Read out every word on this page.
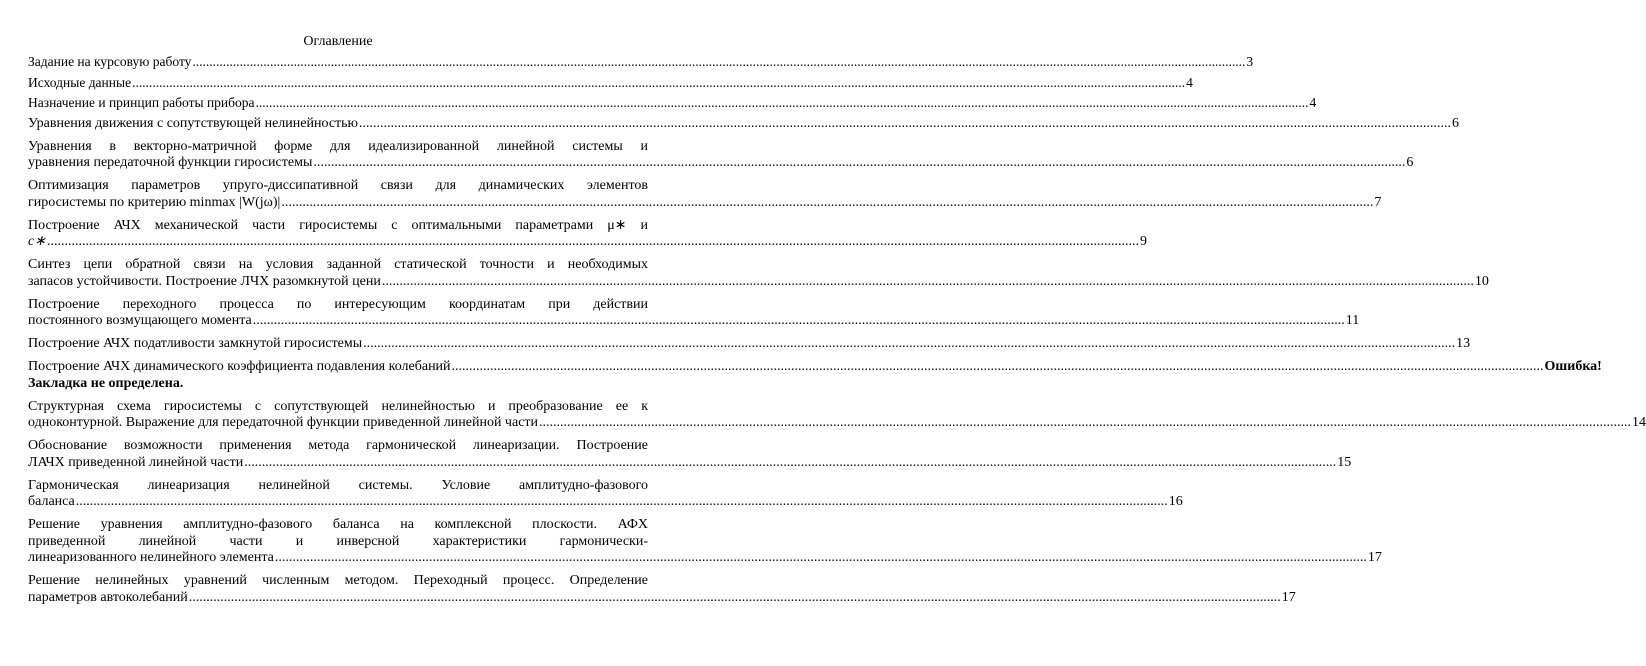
Оглавление
Задание на курсовую работу .....	3
Исходные данные .....	4
Назначение и принцип работы прибора .....	4
Уравнения движения с сопутствующей нелинейностью .....	6
Уравнения в векторно-матричной форме для идеализированной линейной системы и
уравнения передаточной функции гиросистемы .....	6
Оптимизация параметров упруго-диссипативной связи для динамических элементов
гиросистемы по критерию minmax |W(jω)| .....	7
Построение АЧХ механической части гиросистемы с оптимальными параметрами μ∗ и
c∗ .....	9
Синтез цепи обратной связи на условия заданной статической точности и необходимых
запасов устойчивости. Построение ЛЧХ разомкнутой цени .....	10
Построение переходного процесса по интересующим координатам при действии
постоянного возмущающего момента .....	11
Построение АЧХ податливости замкнутой гиросистемы .....	13
Построение АЧХ динамического коэффициента подавления колебаний .....	Ошибка!
Закладка не определена.
Структурная схема гиросистемы с сопутствующей нелинейностью и преобразование ее к
одноконтурной. Выражение для передаточной функции приведенной линейной части .....	14
Обоснование возможности применения метода гармонической линеаризации. Построение
ЛАЧХ приведенной линейной части .....	15
Гармоническая линеаризация нелинейной системы. Условие амплитудно-фазового
баланса .....	16
Решение уравнения амплитудно-фазового баланса на комплексной плоскости. АФХ
приведенной линейной части и инверсной характеристики гармонически-
линеаризованного нелинейного элемента .....	17
Решение нелинейных уравнений численным методом. Переходный процесс. Определение
параметров автоколебаний .....	17
